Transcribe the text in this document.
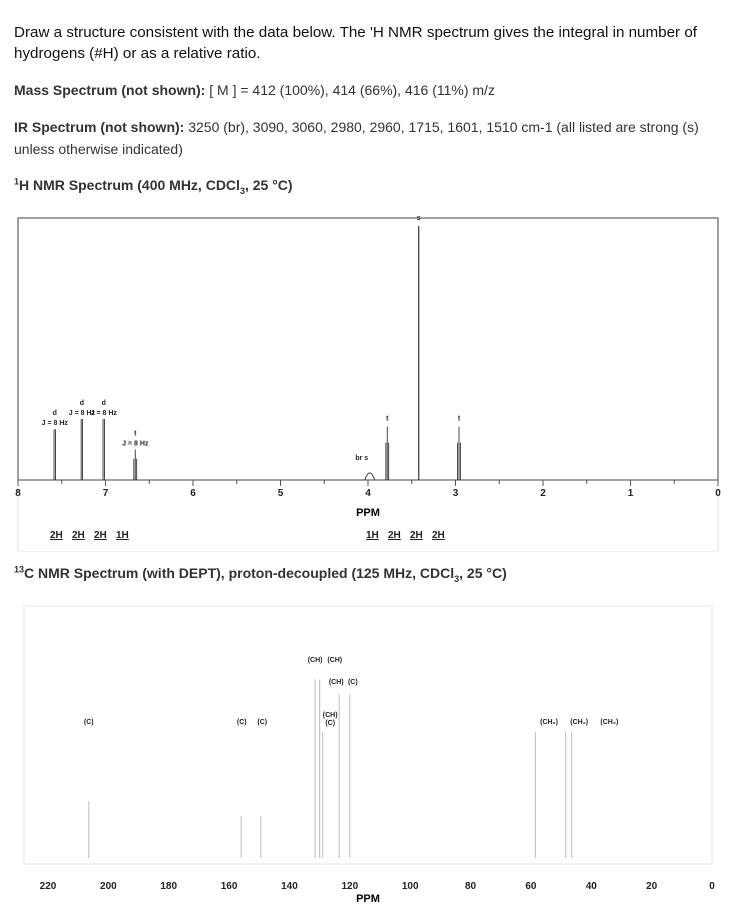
Draw a structure consistent with the data below. The 'H NMR spectrum gives the integral in number of hydrogens (#H) or as a relative ratio.
Mass Spectrum (not shown): [ M ] = 412 (100%), 414 (66%), 416 (11%) m/z
IR Spectrum (not shown): 3250 (br), 3090, 3060, 2980, 2960, 1715, 1601, 1510 cm-1 (all listed are strong (s)
unless otherwise indicated)
$^1$H NMR Spectrum (400 MHz, CDCl$_3$, 25 °C)
8	7	6	5	4	3	2	1	0
d
J = 8 Hz
d
J = 8 Hz
d
J = 8 Hz
t
J = 8 Hz
br s
t
s
t
2H 2H 2H 1H	1H 2H 2H 2H
PPM
$^{13}$C NMR Spectrum (with DEPT), proton-decoupled (125 MHz, CDCl$_3$, 25 °C)
220	200	180	160	140	120	100	80	60	40	20	0
(C)	(C) (C)
(CH) (CH)
(CH) (C)
(CH)
(C)	(CH₂) (CH₂) (CH₂)
PPM
